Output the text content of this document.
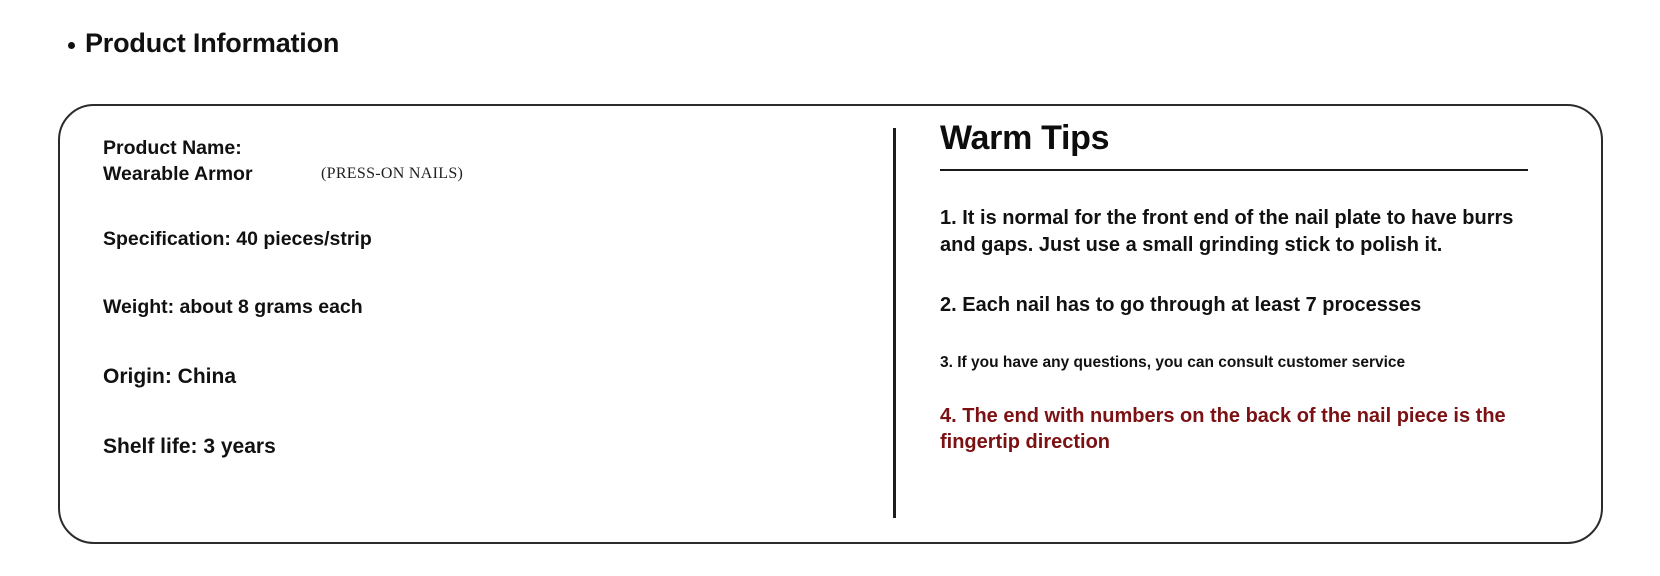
Product Information
Product Name:
Wearable Armor	(PRESS-ON NAILS)
Specification: 40 pieces/strip
Weight: about 8 grams each
Origin: China
Shelf life: 3 years
Warm Tips
1. It is normal for the front end of the nail plate to have burrs and gaps. Just use a small grinding stick to polish it.
2. Each nail has to go through at least 7 processes
3. If you have any questions, you can consult customer service
4. The end with numbers on the back of the nail piece is the fingertip direction
